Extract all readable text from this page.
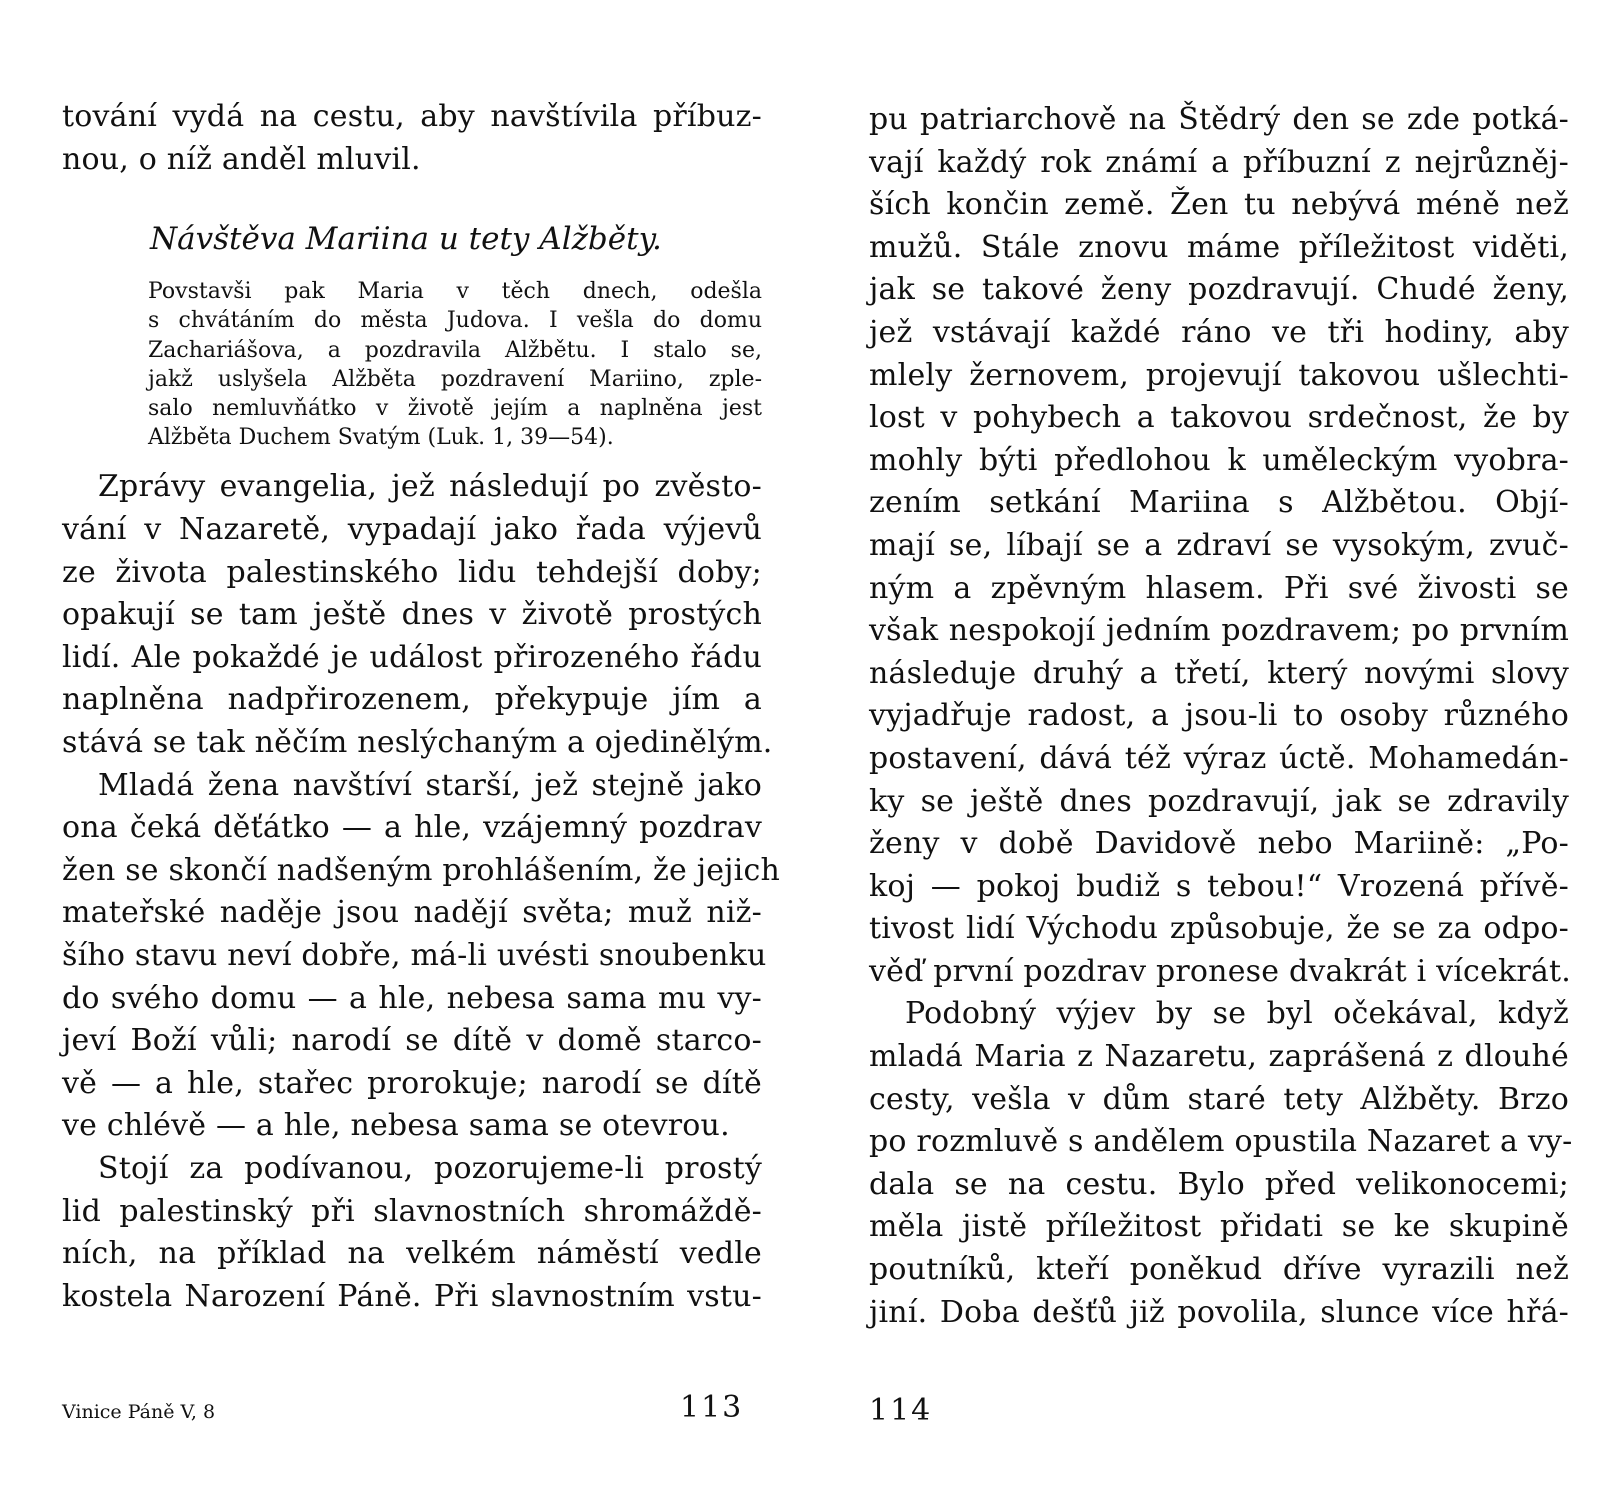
tování vydá na cestu, aby navštívila příbuz-
nou, o níž anděl mluvil.
Návštěva Mariina u tety Alžběty.
Povstavši pak Maria v těch dnech, odešla
s chvátáním do města Judova. I vešla do domu
Zachariášova, a pozdravila Alžbětu. I stalo se,
jakž uslyšela Alžběta pozdravení Mariino, zple-
salo nemluvňátko v životě jejím a naplněna jest
Alžběta Duchem Svatým (Luk. 1, 39—54).
Zprávy evangelia, jež následují po zvěsto-
vání v Nazaretě, vypadají jako řada výjevů
ze života palestinského lidu tehdejší doby;
opakují se tam ještě dnes v životě prostých
lidí. Ale pokaždé je událost přirozeného řádu
naplněna nadpřirozenem, překypuje jím a
stává se tak něčím neslýchaným a ojedinělým.
Mladá žena navštíví starší, jež stejně jako
ona čeká děťátko — a hle, vzájemný pozdrav
žen se skončí nadšeným prohlášením, že jejich
mateřské naděje jsou nadějí světa; muž niž-
šího stavu neví dobře, má-li uvésti snoubenku
do svého domu — a hle, nebesa sama mu vy-
jeví Boží vůli; narodí se dítě v domě starco-
vě — a hle, stařec prorokuje; narodí se dítě
ve chlévě — a hle, nebesa sama se otevrou.
Stojí za podívanou, pozorujeme-li prostý
lid palestinský při slavnostních shromáždě-
ních, na příklad na velkém náměstí vedle
kostela Narození Páně. Při slavnostním vstu-
Vinice Páně V, 8	113
pu patriarchově na Štědrý den se zde potká-
vají každý rok známí a příbuzní z nejrůzněj-
ších končin země. Žen tu nebývá méně než
mužů. Stále znovu máme příležitost viděti,
jak se takové ženy pozdravují. Chudé ženy,
jež vstávají každé ráno ve tři hodiny, aby
mlely žernovem, projevují takovou ušlechti-
lost v pohybech a takovou srdečnost, že by
mohly býti předlohou k uměleckým vyobra-
zením setkání Mariina s Alžbětou. Objí-
mají se, líbají se a zdraví se vysokým, zvuč-
ným a zpěvným hlasem. Při své živosti se
však nespokojí jedním pozdravem; po prvním
následuje druhý a třetí, který novými slovy
vyjadřuje radost, a jsou-li to osoby různého
postavení, dává též výraz úctě. Mohamedán-
ky se ještě dnes pozdravují, jak se zdravily
ženy v době Davidově nebo Mariině: „Po-
koj — pokoj budiž s tebou!“ Vrozená přívě-
tivost lidí Východu způsobuje, že se za odpo-
věď první pozdrav pronese dvakrát i vícekrát.
Podobný výjev by se byl očekával, když
mladá Maria z Nazaretu, zaprášená z dlouhé
cesty, vešla v dům staré tety Alžběty. Brzo
po rozmluvě s andělem opustila Nazaret a vy-
dala se na cestu. Bylo před velikonocemi;
měla jistě příležitost přidati se ke skupině
poutníků, kteří poněkud dříve vyrazili než
jiní. Doba dešťů již povolila, slunce více hřá-
114
